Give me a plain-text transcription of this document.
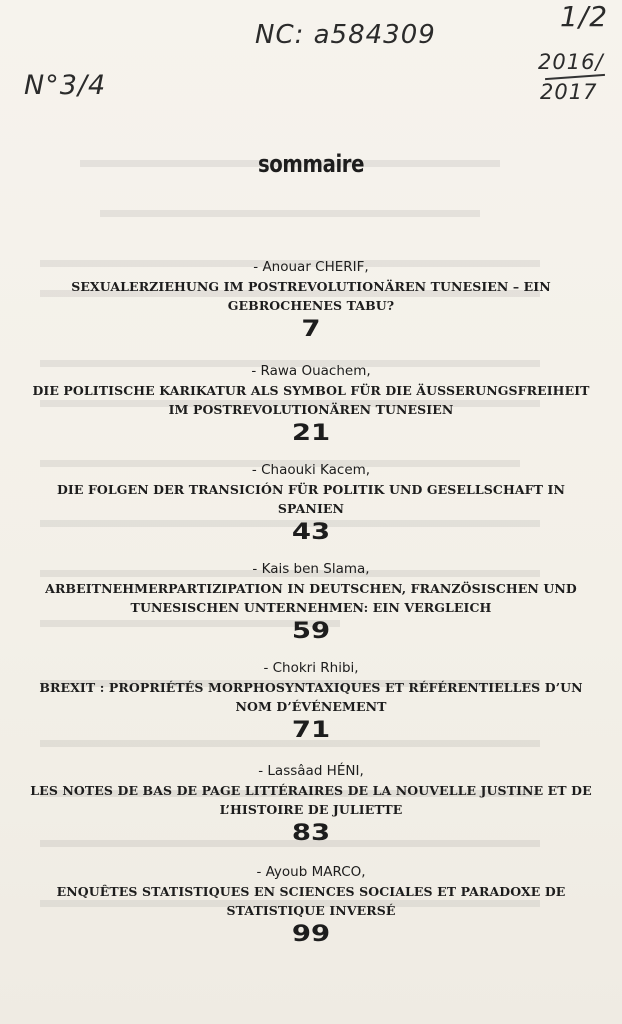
NC: a584309
N°3/4
1/2
2016/
2017
sommaire
- Anouar CHERIF,
SEXUALERZIEHUNG IM POSTREVOLUTIONÄREN TUNESIEN – EIN GEBROCHENES TABU?
7
- Rawa Ouachem,
DIE POLITISCHE KARIKATUR ALS SYMBOL FÜR DIE ÄUSSERUNGSFREIHEIT IM POSTREVOLUTIONÄREN TUNESIEN
21
- Chaouki Kacem,
DIE FOLGEN DER TRANSICIÓN FÜR POLITIK UND GESELLSCHAFT IN SPANIEN
43
- Kais ben Slama,
ARBEITNEHMERPARTIZIPATION IN DEUTSCHEN, FRANZÖSISCHEN UND TUNESISCHEN UNTERNEHMEN: EIN VERGLEICH
59
- Chokri Rhibi,
BREXIT : PROPRIÉTÉS MORPHOSYNTAXIQUES ET RÉFÉRENTIELLES D’UN NOM D’ÉVÉNEMENT
71
- Lassâad HÉNI,
LES NOTES DE BAS DE PAGE LITTÉRAIRES DE LA NOUVELLE JUSTINE ET DE L’HISTOIRE DE JULIETTE
83
- Ayoub MARCO,
ENQUÊTES STATISTIQUES EN SCIENCES SOCIALES ET PARADOXE DE STATISTIQUE INVERSÉ
99
